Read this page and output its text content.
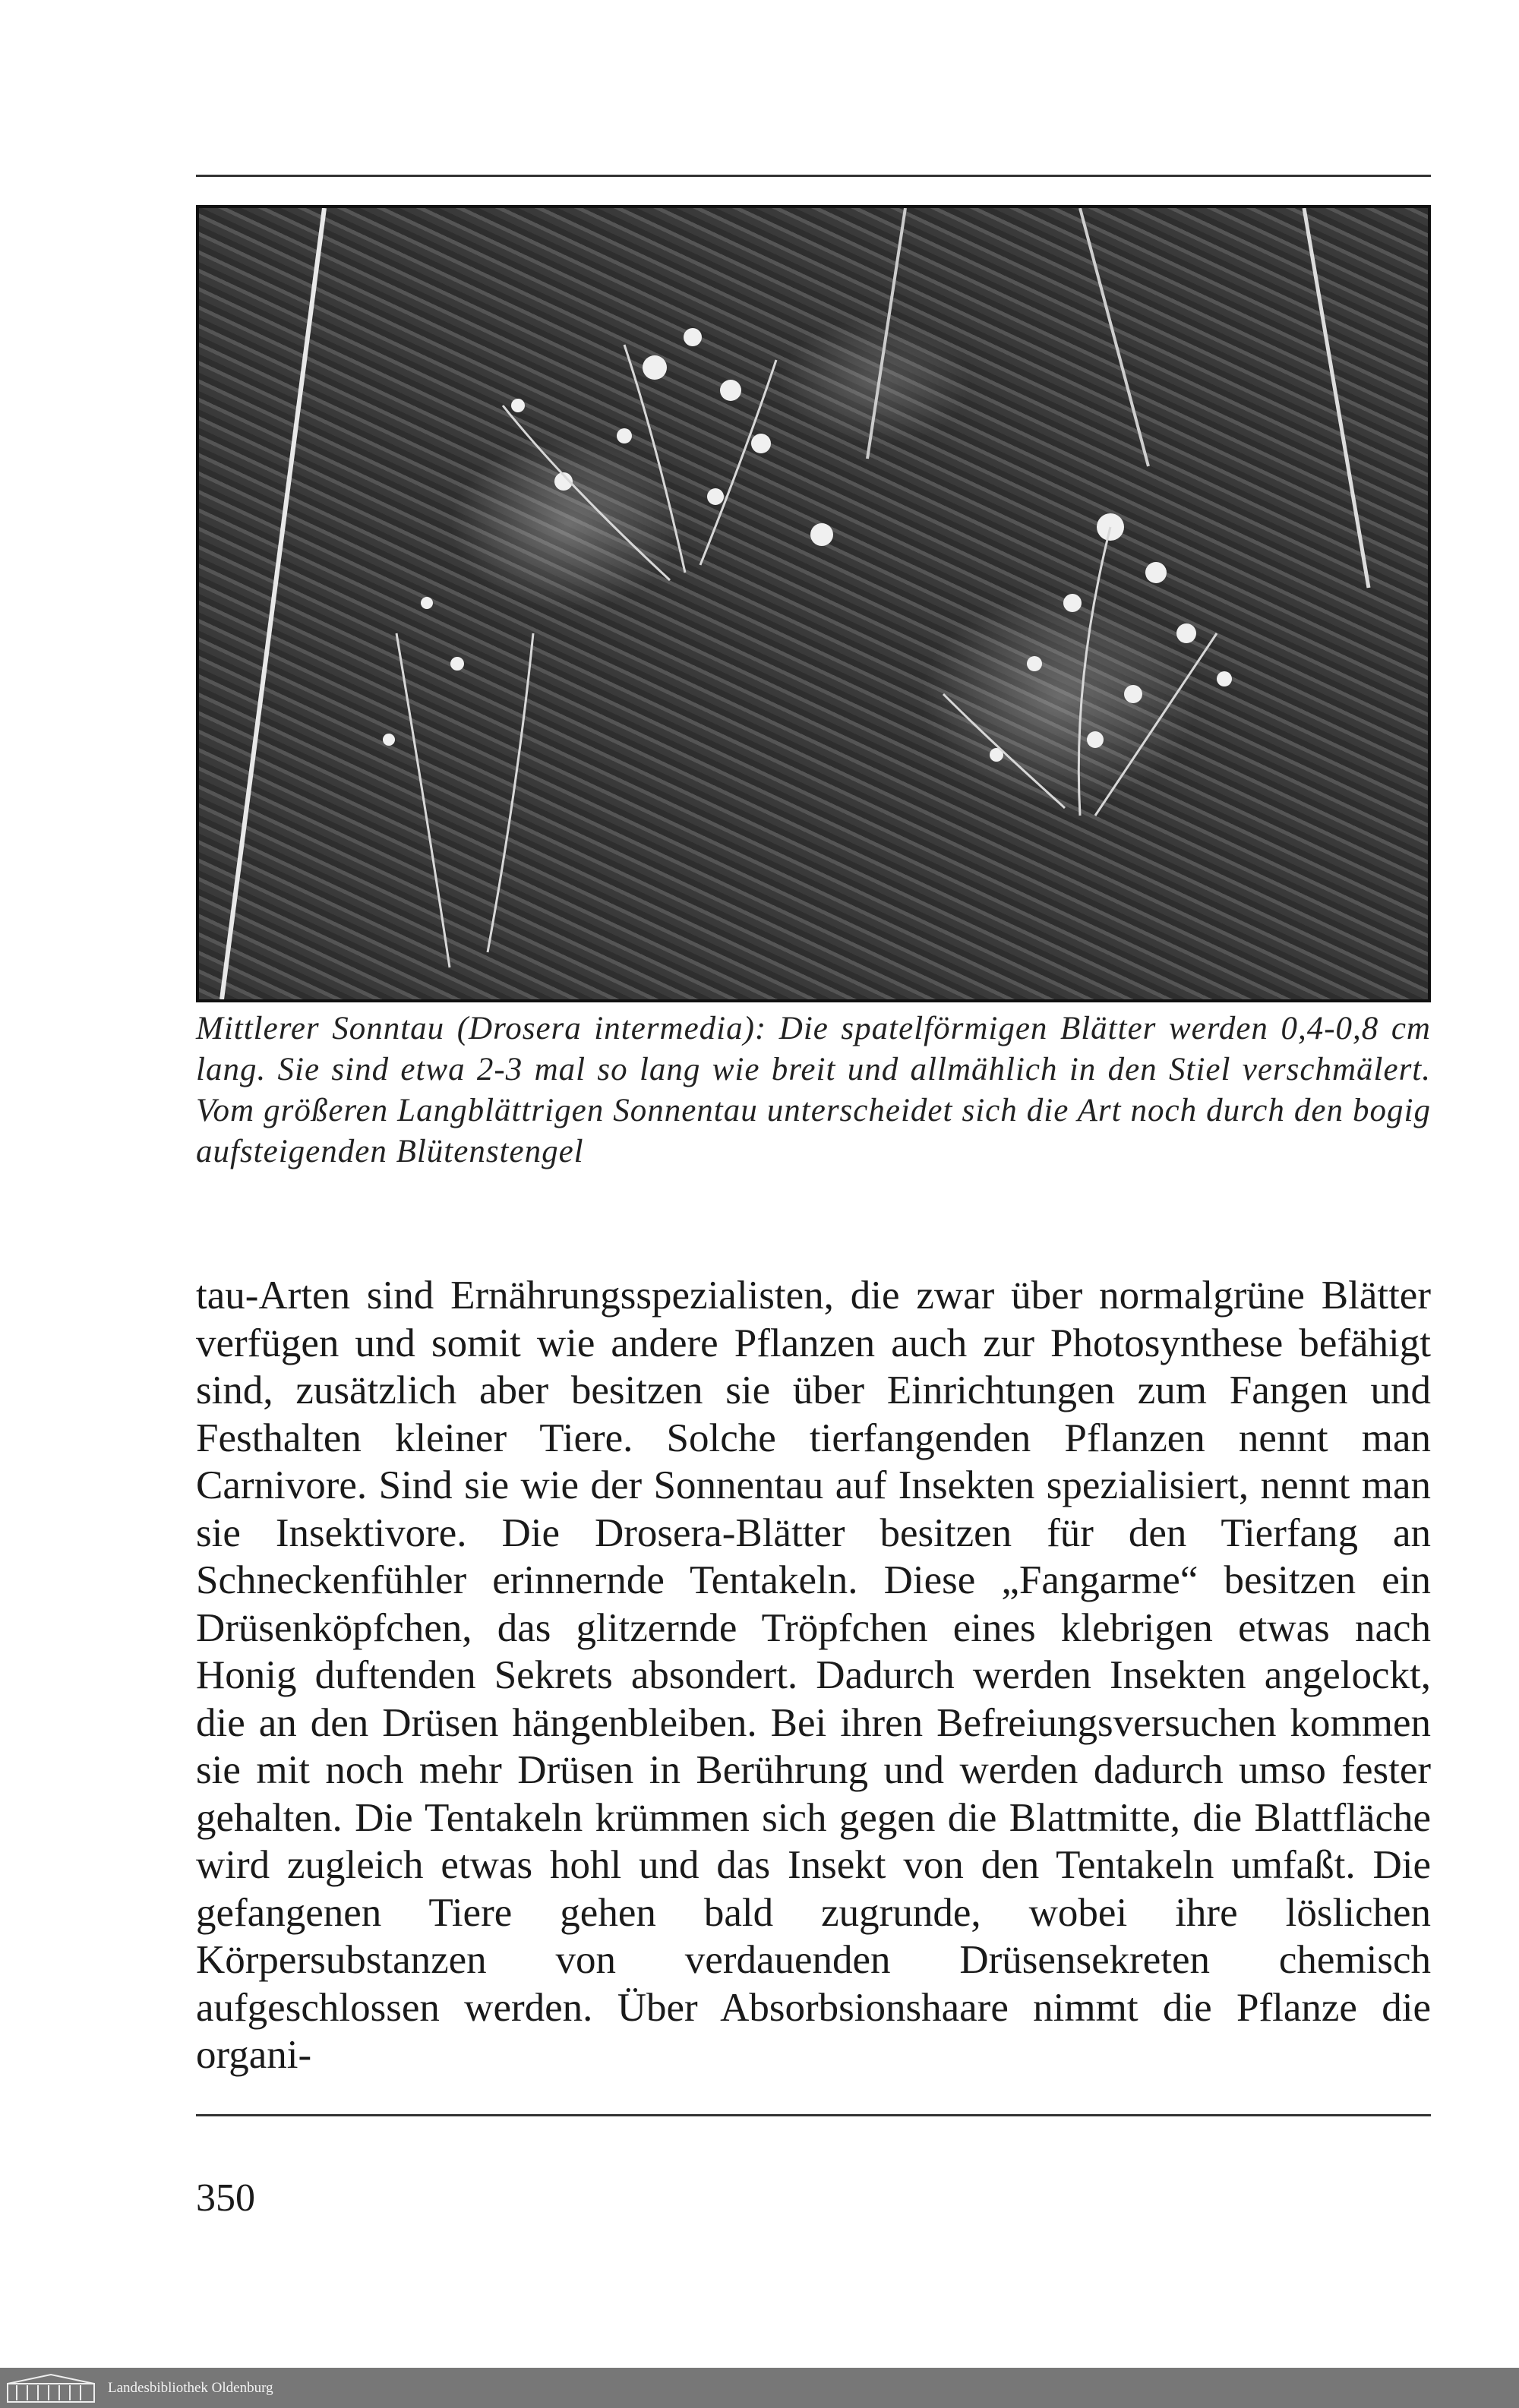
Mittlerer Sonntau (Drosera intermedia): Die spatelförmigen Blätter werden 0,4-0,8 cm lang. Sie sind etwa 2-3 mal so lang wie breit und allmählich in den Stiel verschmälert. Vom größeren Langblättrigen Sonnentau unterscheidet sich die Art noch durch den bogig aufsteigenden Blütenstengel
tau-Arten sind Ernährungsspezialisten, die zwar über normalgrüne Blätter verfügen und somit wie andere Pflanzen auch zur Photosynthese befähigt sind, zusätzlich aber besitzen sie über Einrichtungen zum Fangen und Festhalten kleiner Tiere. Solche tierfangenden Pflanzen nennt man Carnivore. Sind sie wie der Sonnentau auf Insekten spezialisiert, nennt man sie Insektivore. Die Drosera-Blätter besitzen für den Tierfang an Schneckenfühler erinnernde Tentakeln. Diese „Fangarme“ besitzen ein Drüsenköpfchen, das glitzernde Tröpfchen eines klebrigen etwas nach Honig duftenden Sekrets absondert. Dadurch werden Insekten angelockt, die an den Drüsen hängenbleiben. Bei ihren Befreiungsversuchen kommen sie mit noch mehr Drüsen in Berührung und werden dadurch umso fester gehalten. Die Tentakeln krümmen sich gegen die Blattmitte, die Blattfläche wird zugleich etwas hohl und das Insekt von den Tentakeln umfaßt. Die gefangenen Tiere gehen bald zugrunde, wobei ihre löslichen Körpersubstanzen von verdauenden Drüsensekreten chemisch aufgeschlossen werden. Über Absorbsionshaare nimmt die Pflanze die organi-
350
Landesbibliothek Oldenburg
